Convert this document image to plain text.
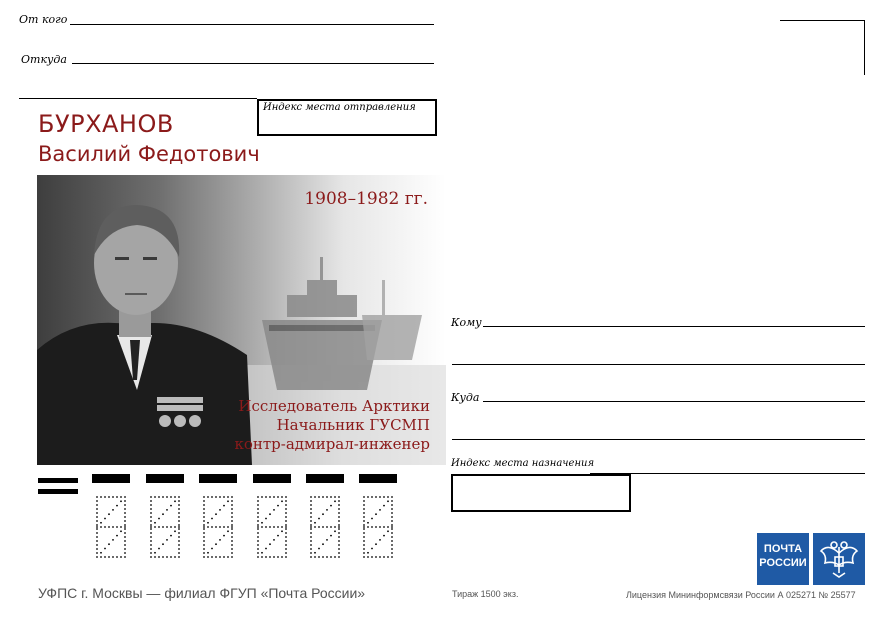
От кого
Откуда
Индекс места отправления
БУРХАНОВ
Василий Федотович
1908–1982 гг.
Исследователь Арктики
Начальник ГУСМП
контр-адмирал-инженер
Кому
Куда
Индекс места назначения
ПОЧТА
РОССИИ
УФПС г. Москвы — филиал ФГУП «Почта России»	Тираж 1500 экз.	Лицензия Мининформсвязи России А 025271 № 25577
